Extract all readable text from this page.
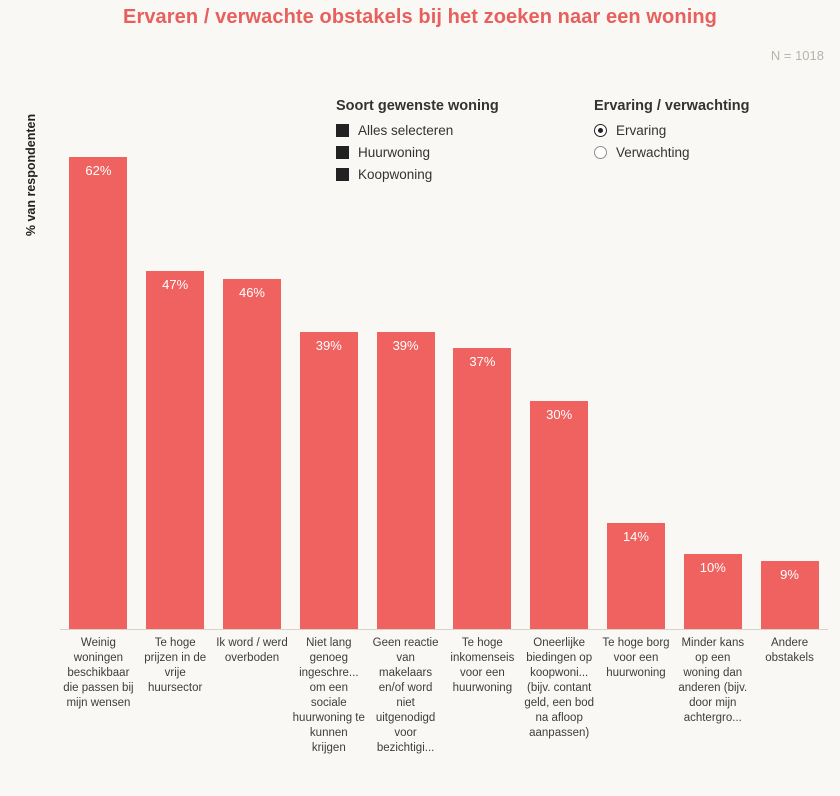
Ervaren / verwachte obstakels bij het zoeken naar een woning
N = 1018
Soort gewenste woning
Alles selecteren
Huurwoning
Koopwoning
Ervaring / verwachting
Ervaring
Verwachting
% van respondenten	62%
47%
46%
39%	39%
37%
30%
14%
10%	9%
Weinig woningen beschikbaar die passen bij mijn wensen
Te hoge prijzen in de vrije huursector
Ik word / werd overboden
Niet lang genoeg ingeschre... om een sociale huurwoning te kunnen krijgen
Geen reactie van makelaars en/of word niet uitgenodigd voor bezichtigi...
Te hoge inkomenseis voor een huurwoning
Oneerlijke biedingen op koopwoni... (bijv. contant geld, een bod na afloop aanpassen)
Te hoge borg voor een huurwoning
Minder kans op een woning dan anderen (bijv. door mijn achtergro...
Andere obstakels
